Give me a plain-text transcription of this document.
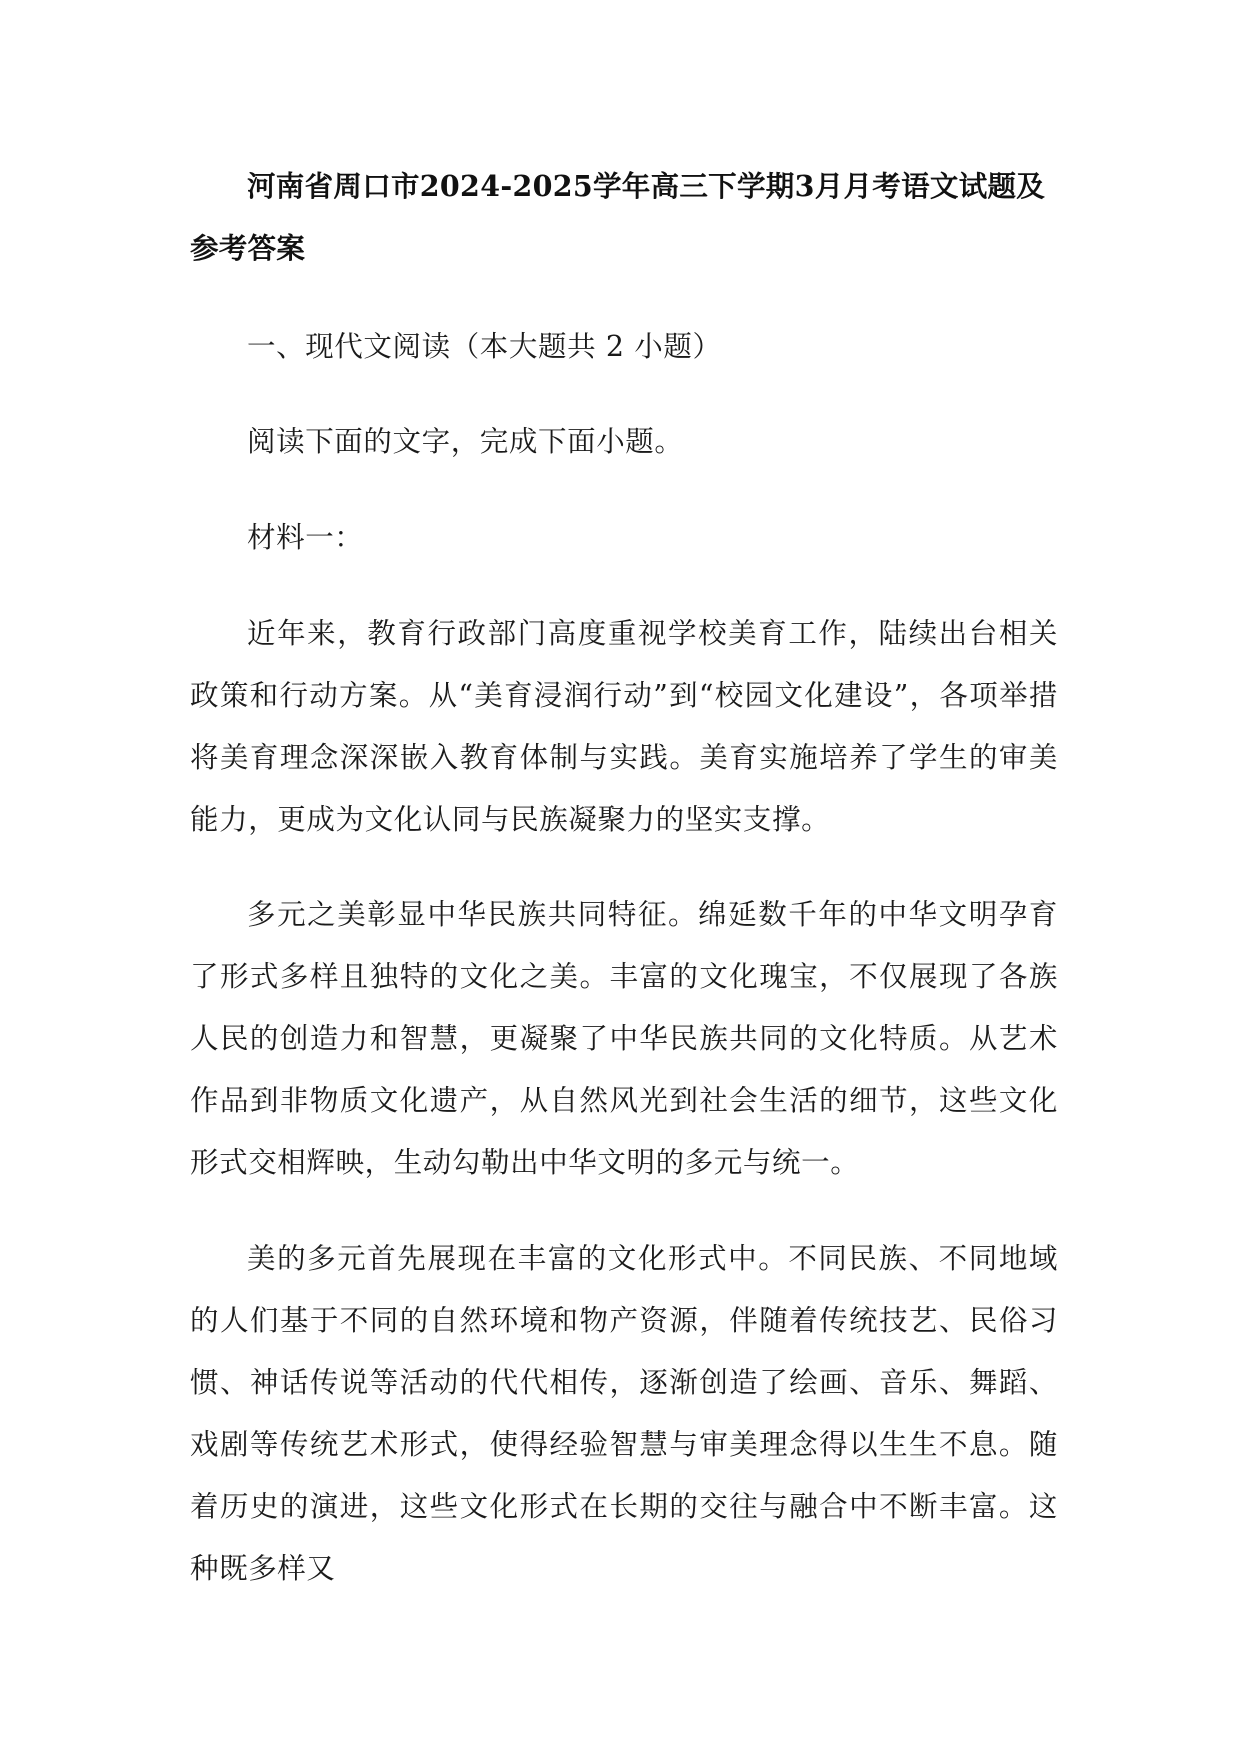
河南省周口市2024-2025学年高三下学期3月月考语文试题及参考答案

一、现代文阅读（本大题共 2 小题）

阅读下面的文字，完成下面小题。

材料一：

近年来，教育行政部门高度重视学校美育工作，陆续出台相关政策和行动方案。从“美育浸润行动”到“校园文化建设”，各项举措将美育理念深深嵌入教育体制与实践。美育实施培养了学生的审美能力，更成为文化认同与民族凝聚力的坚实支撑。

多元之美彰显中华民族共同特征。绵延数千年的中华文明孕育了形式多样且独特的文化之美。丰富的文化瑰宝，不仅展现了各族人民的创造力和智慧，更凝聚了中华民族共同的文化特质。从艺术作品到非物质文化遗产，从自然风光到社会生活的细节，这些文化形式交相辉映，生动勾勒出中华文明的多元与统一。

美的多元首先展现在丰富的文化形式中。不同民族、不同地域的人们基于不同的自然环境和物产资源，伴随着传统技艺、民俗习惯、神话传说等活动的代代相传，逐渐创造了绘画、音乐、舞蹈、戏剧等传统艺术形式，使得经验智慧与审美理念得以生生不息。随着历史的演进，这些文化形式在长期的交往与融合中不断丰富。这种既多样又
